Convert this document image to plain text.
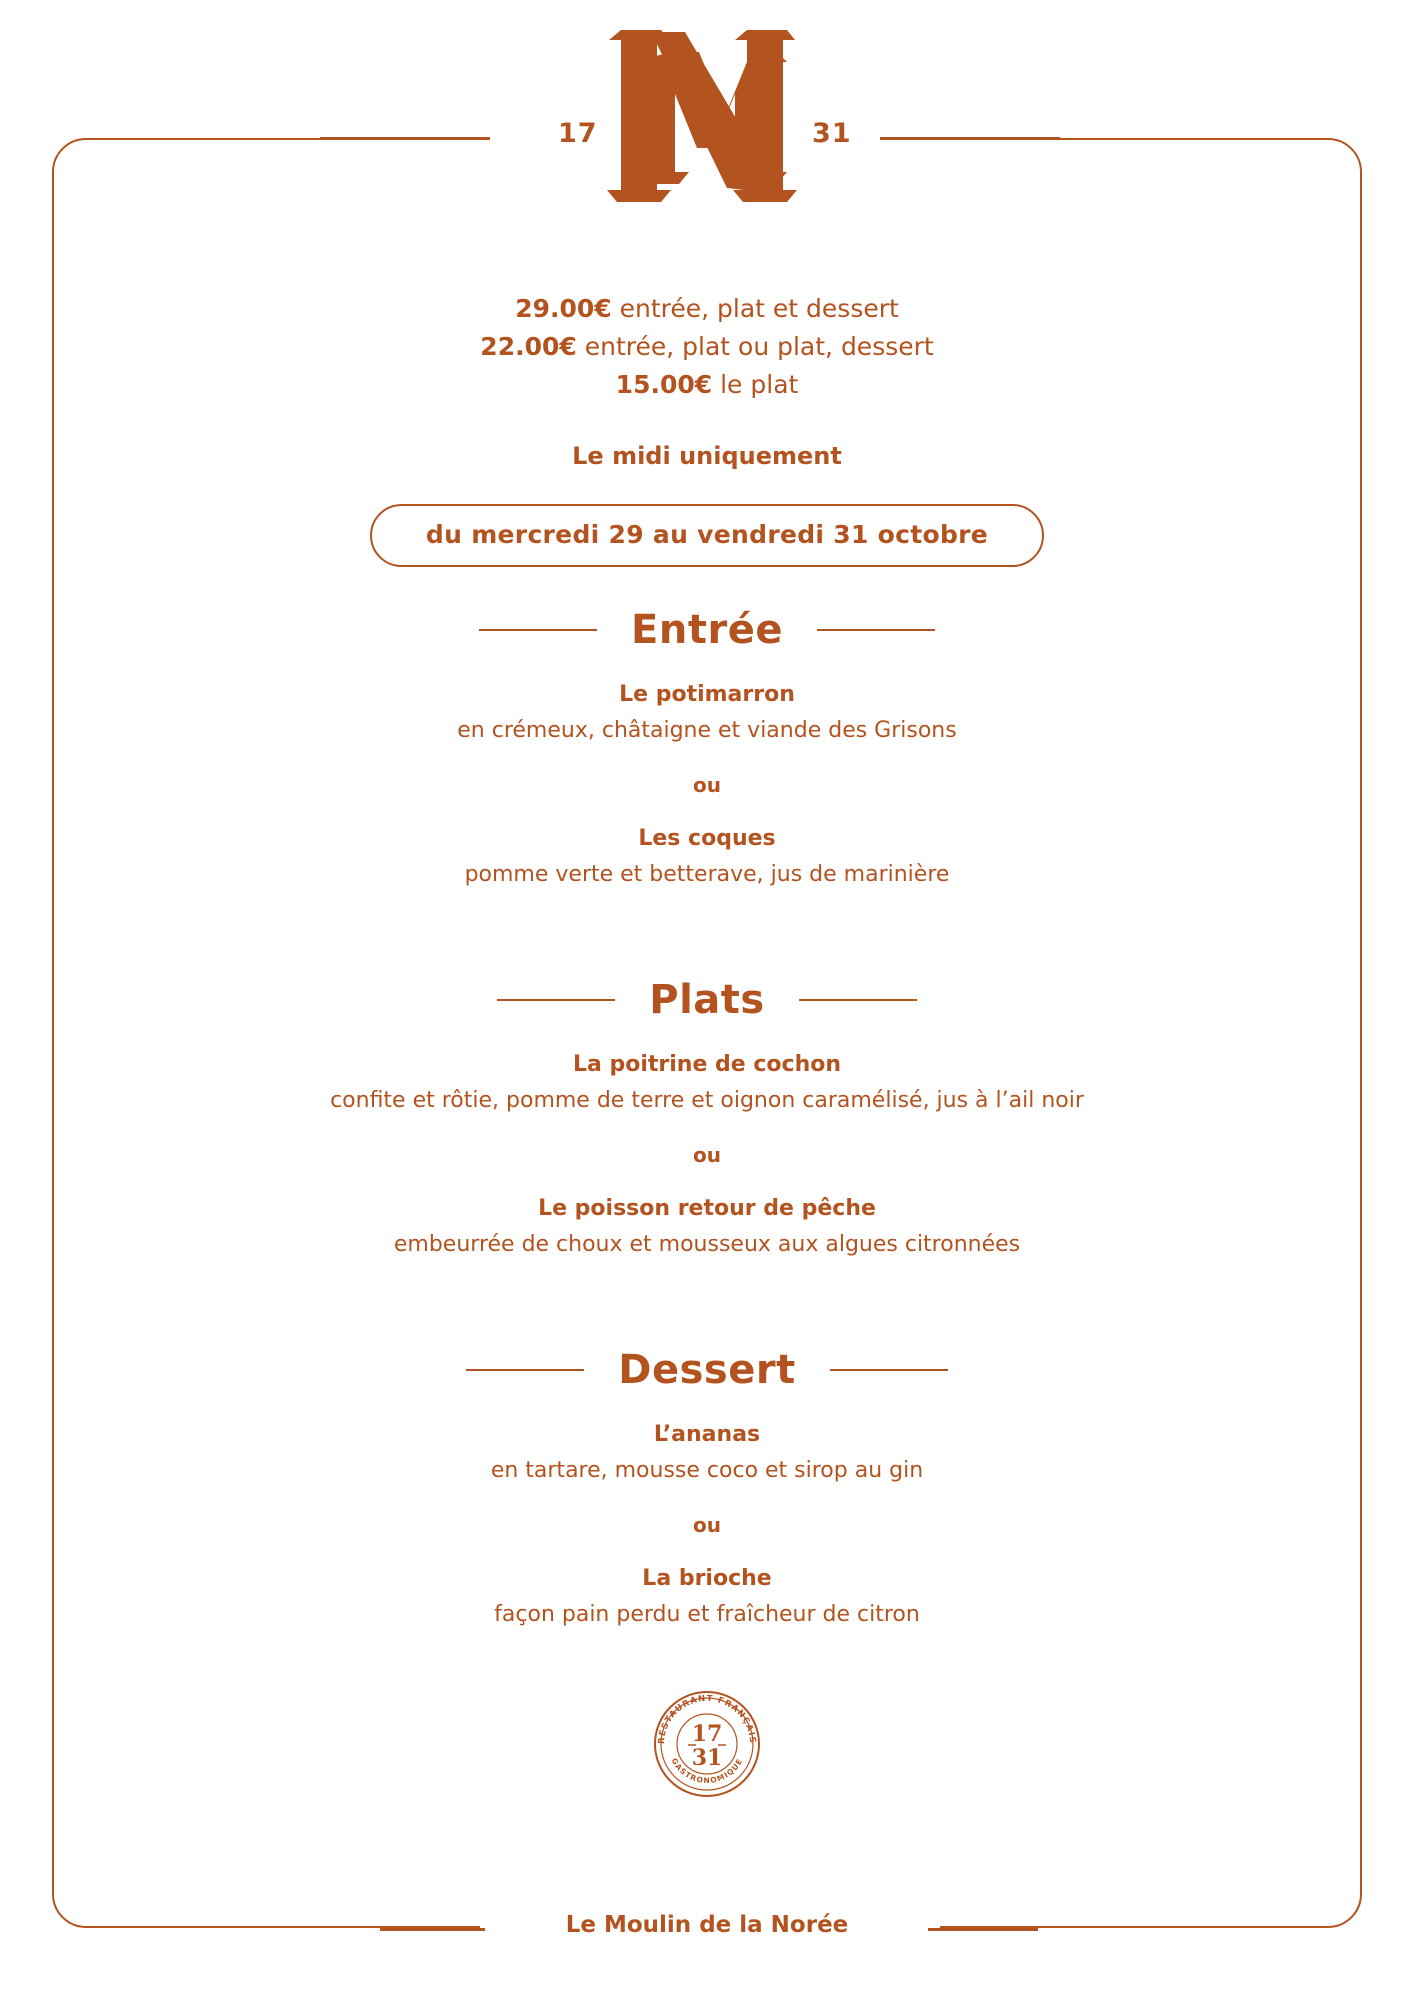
17	31
29.00€ entrée, plat et dessert
22.00€ entrée, plat ou plat, dessert
15.00€ le plat
Le midi uniquement
du mercredi 29 au vendredi 31 octobre
Entrée
Le potimarron
en crémeux, châtaigne et viande des Grisons
ou
Les coques
pomme verte et betterave, jus de marinière
Plats
La poitrine de cochon
confite et rôtie, pomme de terre et oignon caramélisé, jus à l’ail noir
ou
Le poisson retour de pêche
embeurrée de choux et mousseux aux algues citronnées
Dessert
L’ananas
en tartare, mousse coco et sirop au gin
ou
La brioche
façon pain perdu et fraîcheur de citron
RESTAURANT FRANÇAIS
GASTRONOMIQUE
17
31
Le Moulin de la Norée
